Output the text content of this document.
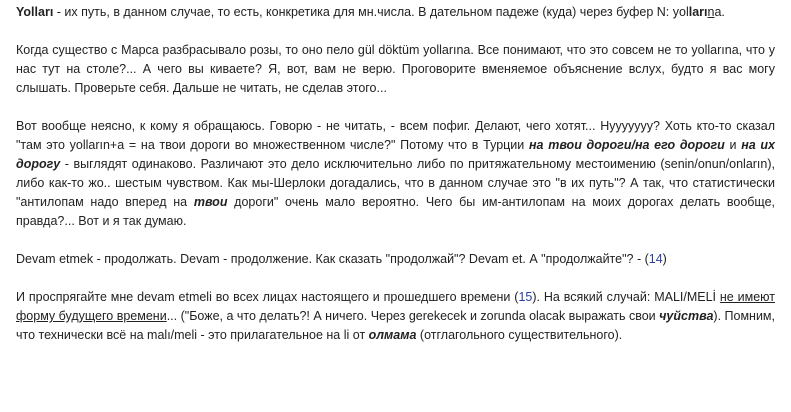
Yolları - их путь, в данном случае, то есть, конкретика для мн.числа. В дательном падеже (куда) через буфер N: yollarına.

Когда существо с Марса разбрасывало розы, то оно пело gül döktüm yollarına. Все понимают, что это совсем не то yollarına, что у нас тут на столе?... А чего вы киваете? Я, вот, вам не верю. Проговорите вменяемое объяснение вслух, будто я вас могу слышать. Проверьте себя. Дальше не читать, не сделав этого...

Вот вообще неясно, к кому я обращаюсь. Говорю - не читать, - всем пофиг. Делают, чего хотят... Нууууууу? Хоть кто-то сказал "там это yolların+a = на твои дороги во множественном числе?" Потому что в Турции на твои дороги/на его дороги и на их дорогу - выглядят одинаково. Различают это дело исключительно либо по притяжательному местоимению (senin/onun/onların), либо как-то жо.. шестым чувством. Как мы-Шерлоки догадались, что в данном случае это "в их путь"? А так, что статистически "антилопам надо вперед на твои дороги" очень мало вероятно. Чего бы им-антилопам на моих дорогах делать вообще, правда?... Вот и я так думаю.

Devam etmek - продолжать. Devam - продолжение. Как сказать "продолжай"? Devam et. А "продолжайте"? - (14)

И проспрягайте мне devam etmeli во всех лицах настоящего и прошедшего времени (15). На всякий случай: MALI/MELİ не имеют форму будущего времени... ("Боже, а что делать?! А ничего. Через gerekecek и zorunda olacak выражать свои чуйства). Помним, что технически всё на malı/meli - это прилагательное на li от олмама (отглагольного существительного).
